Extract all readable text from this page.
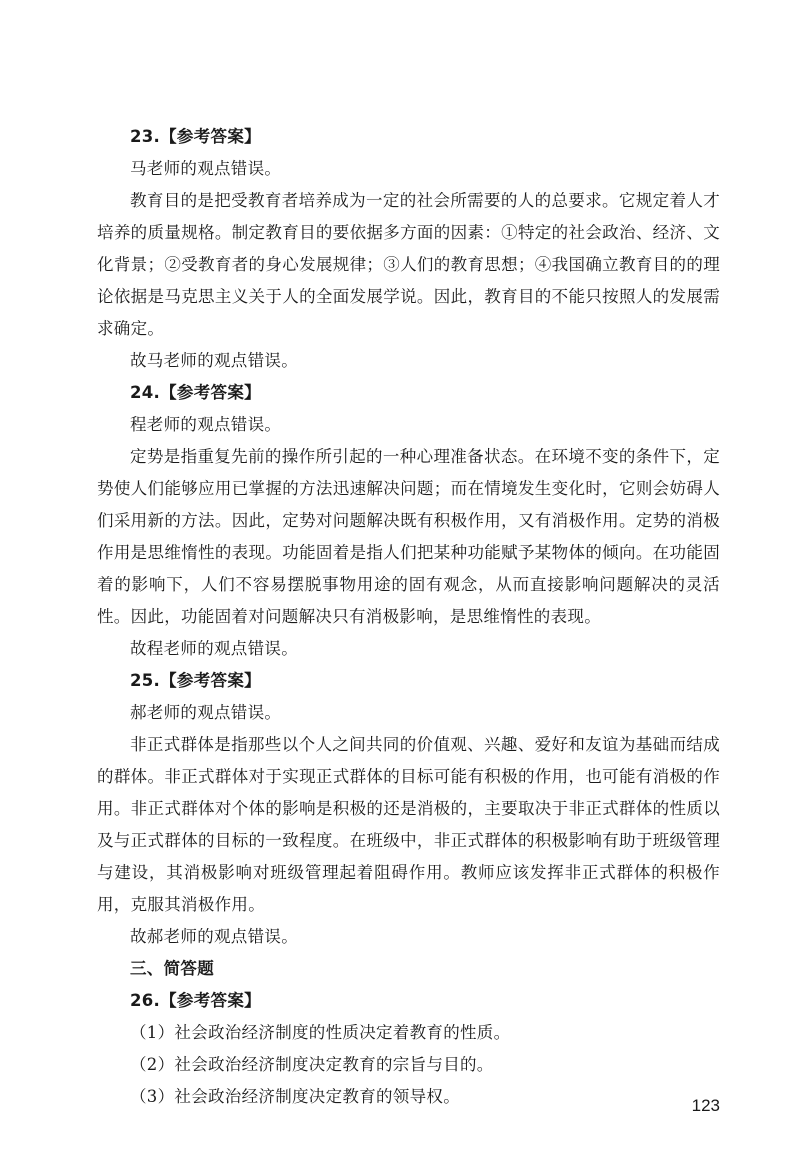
23.【参考答案】

马老师的观点错误。

教育目的是把受教育者培养成为一定的社会所需要的人的总要求。它规定着人才培养的质量规格。制定教育目的要依据多方面的因素：①特定的社会政治、经济、文化背景；②受教育者的身心发展规律；③人们的教育思想；④我国确立教育目的的理论依据是马克思主义关于人的全面发展学说。因此，教育目的不能只按照人的发展需求确定。

故马老师的观点错误。

24.【参考答案】

程老师的观点错误。

定势是指重复先前的操作所引起的一种心理准备状态。在环境不变的条件下，定势使人们能够应用已掌握的方法迅速解决问题；而在情境发生变化时，它则会妨碍人们采用新的方法。因此，定势对问题解决既有积极作用，又有消极作用。定势的消极作用是思维惰性的表现。功能固着是指人们把某种功能赋予某物体的倾向。在功能固着的影响下，人们不容易摆脱事物用途的固有观念，从而直接影响问题解决的灵活性。因此，功能固着对问题解决只有消极影响，是思维惰性的表现。

故程老师的观点错误。

25.【参考答案】

郝老师的观点错误。

非正式群体是指那些以个人之间共同的价值观、兴趣、爱好和友谊为基础而结成的群体。非正式群体对于实现正式群体的目标可能有积极的作用，也可能有消极的作用。非正式群体对个体的影响是积极的还是消极的，主要取决于非正式群体的性质以及与正式群体的目标的一致程度。在班级中，非正式群体的积极影响有助于班级管理与建设，其消极影响对班级管理起着阻碍作用。教师应该发挥非正式群体的积极作用，克服其消极作用。

故郝老师的观点错误。

三、简答题

26.【参考答案】

（1）社会政治经济制度的性质决定着教育的性质。

（2）社会政治经济制度决定教育的宗旨与目的。

（3）社会政治经济制度决定教育的领导权。	123
